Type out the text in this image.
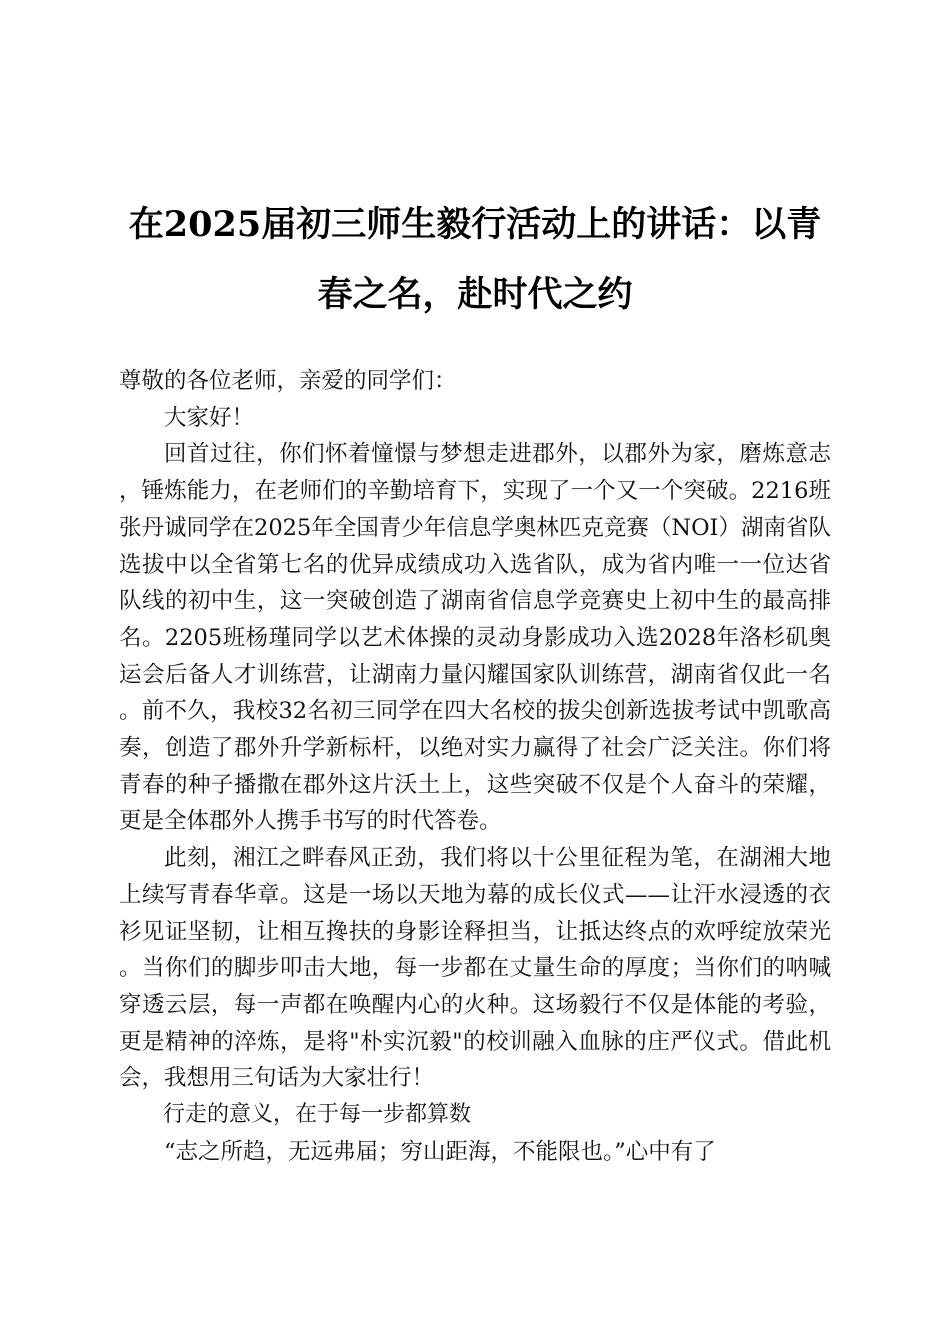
在2025届初三师生毅行活动上的讲话：以青
春之名，赴时代之约

尊敬的各位老师，亲爱的同学们：

大家好！

回首过往，你们怀着憧憬与梦想走进郡外，以郡外为家，磨炼意志，锤炼能力，在老师们的辛勤培育下，实现了一个又一个突破。2216班张丹诚同学在2025年全国青少年信息学奥林匹克竞赛（NOI）湖南省队选拔中以全省第七名的优异成绩成功入选省队，成为省内唯一一位达省队线的初中生，这一突破创造了湖南省信息学竞赛史上初中生的最高排名。2205班杨瑾同学以艺术体操的灵动身影成功入选2028年洛杉矶奥运会后备人才训练营，让湖南力量闪耀国家队训练营，湖南省仅此一名。前不久，我校32名初三同学在四大名校的拔尖创新选拔考试中凯歌高奏，创造了郡外升学新标杆，以绝对实力赢得了社会广泛关注。你们将青春的种子播撒在郡外这片沃土上，这些突破不仅是个人奋斗的荣耀，更是全体郡外人携手书写的时代答卷。

此刻，湘江之畔春风正劲，我们将以十公里征程为笔，在湖湘大地上续写青春华章。这是一场以天地为幕的成长仪式——让汗水浸透的衣衫见证坚韧，让相互搀扶的身影诠释担当，让抵达终点的欢呼绽放荣光。当你们的脚步叩击大地，每一步都在丈量生命的厚度；当你们的呐喊穿透云层，每一声都在唤醒内心的火种。这场毅行不仅是体能的考验，更是精神的淬炼，是将"朴实沉毅"的校训融入血脉的庄严仪式。借此机会，我想用三句话为大家壮行！

行走的意义，在于每一步都算数

“志之所趋，无远弗届；穷山距海，不能限也。”心中有了
